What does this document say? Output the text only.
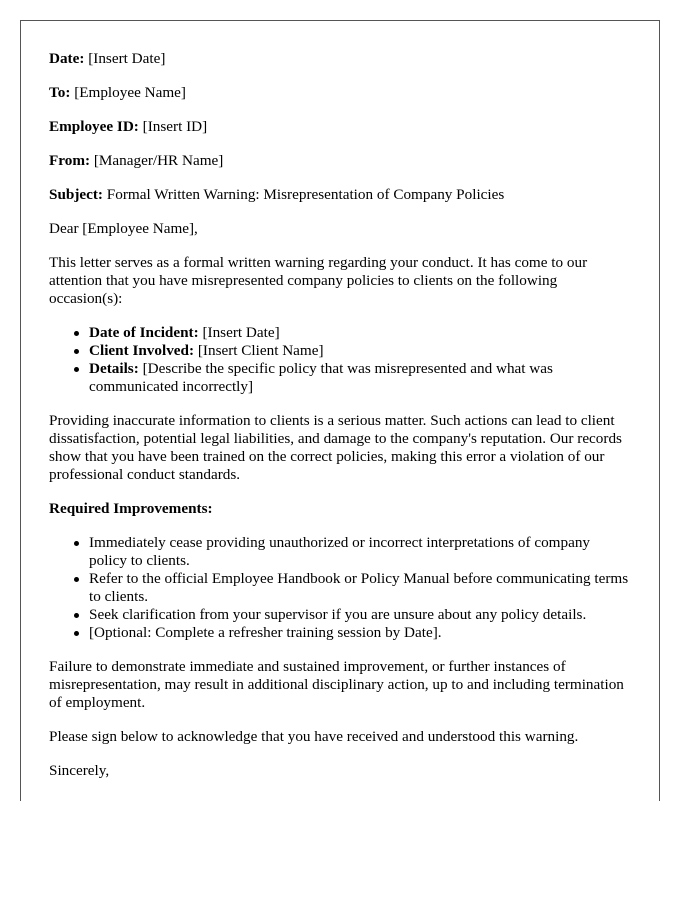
Date: [Insert Date]

To: [Employee Name]

Employee ID: [Insert ID]

From: [Manager/HR Name]

Subject: Formal Written Warning: Misrepresentation of Company Policies

Dear [Employee Name],

This letter serves as a formal written warning regarding your conduct. It has come to our attention that you have misrepresented company policies to clients on the following occasion(s):

Date of Incident: [Insert Date]
Client Involved: [Insert Client Name]
Details: [Describe the specific policy that was misrepresented and what was communicated incorrectly]

Providing inaccurate information to clients is a serious matter. Such actions can lead to client dissatisfaction, potential legal liabilities, and damage to the company's reputation. Our records show that you have been trained on the correct policies, making this error a violation of our professional conduct standards.

Required Improvements:

Immediately cease providing unauthorized or incorrect interpretations of company policy to clients.
Refer to the official Employee Handbook or Policy Manual before communicating terms to clients.
Seek clarification from your supervisor if you are unsure about any policy details.
[Optional: Complete a refresher training session by Date].

Failure to demonstrate immediate and sustained improvement, or further instances of misrepresentation, may result in additional disciplinary action, up to and including termination of employment.

Please sign below to acknowledge that you have received and understood this warning.

Sincerely,
